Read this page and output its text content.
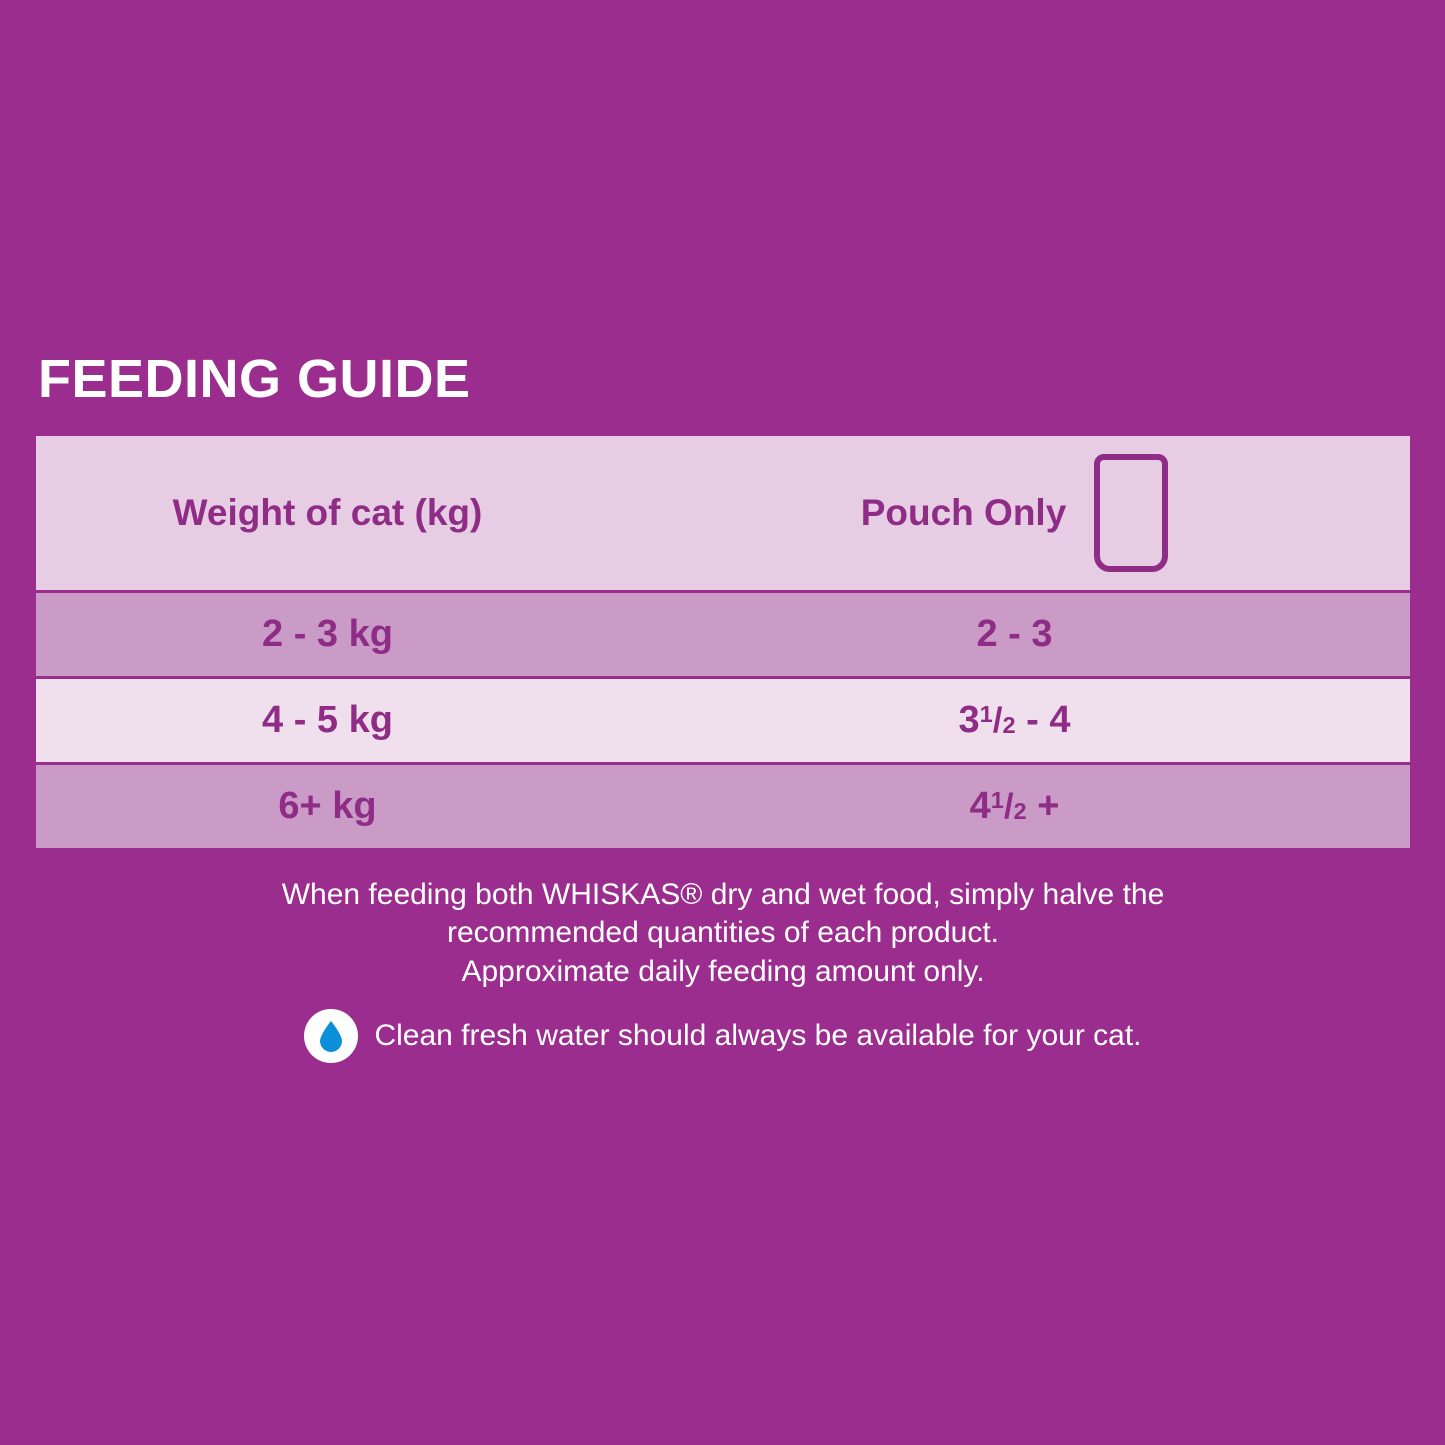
FEEDING GUIDE
Weight of cat (kg)	Pouch Only

2 - 3 kg	2 - 3

4 - 5 kg	$3^1/2 - 4$

6+ kg	$4^1/2$ +
When feeding both WHISKAS® dry and wet food, simply halve the
recommended quantities of each product.
Approximate daily feeding amount only.
Clean fresh water should always be available for your cat.
